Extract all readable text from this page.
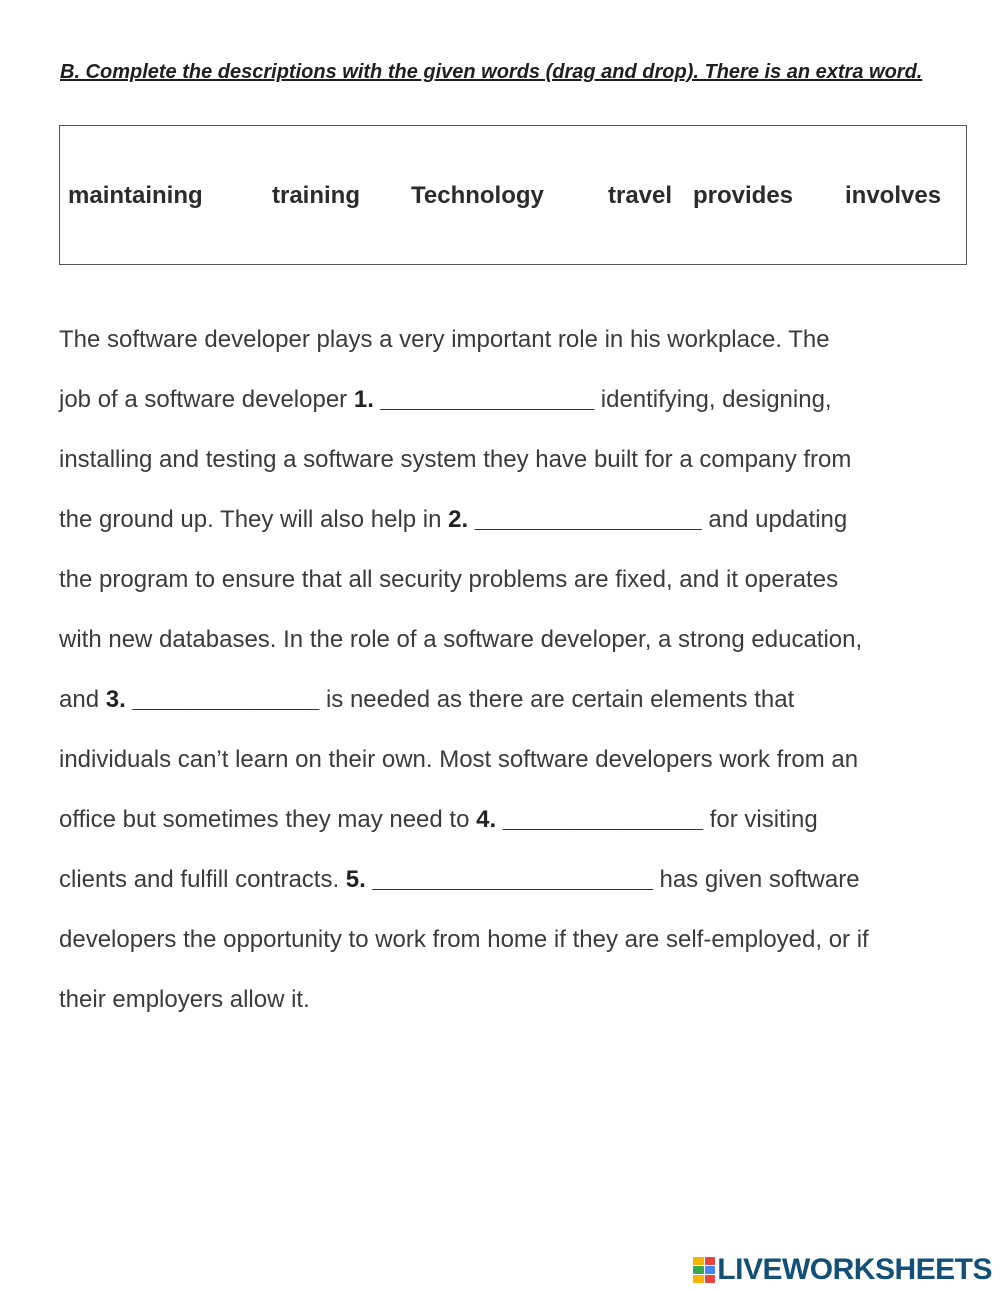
B. Complete the descriptions with the given words (drag and drop). There is an extra word.

maintaining	training Technology	travel provides involves
The software developer plays a very important role in his workplace. The
job of a software developer 1. ________________ identifying, designing,
installing and testing a software system they have built for a company from
the ground up. They will also help in 2. _________________ and updating
the program to ensure that all security problems are fixed, and it operates
with new databases. In the role of a software developer, a strong education,
and 3. ______________ is needed as there are certain elements that
individuals can’t learn on their own. Most software developers work from an
office but sometimes they may need to 4. _______________ for visiting
clients and fulfill contracts. 5. _____________________ has given software
developers the opportunity to work from home if they are self-employed, or if
their employers allow it.
LIVEWORKSHEETS
